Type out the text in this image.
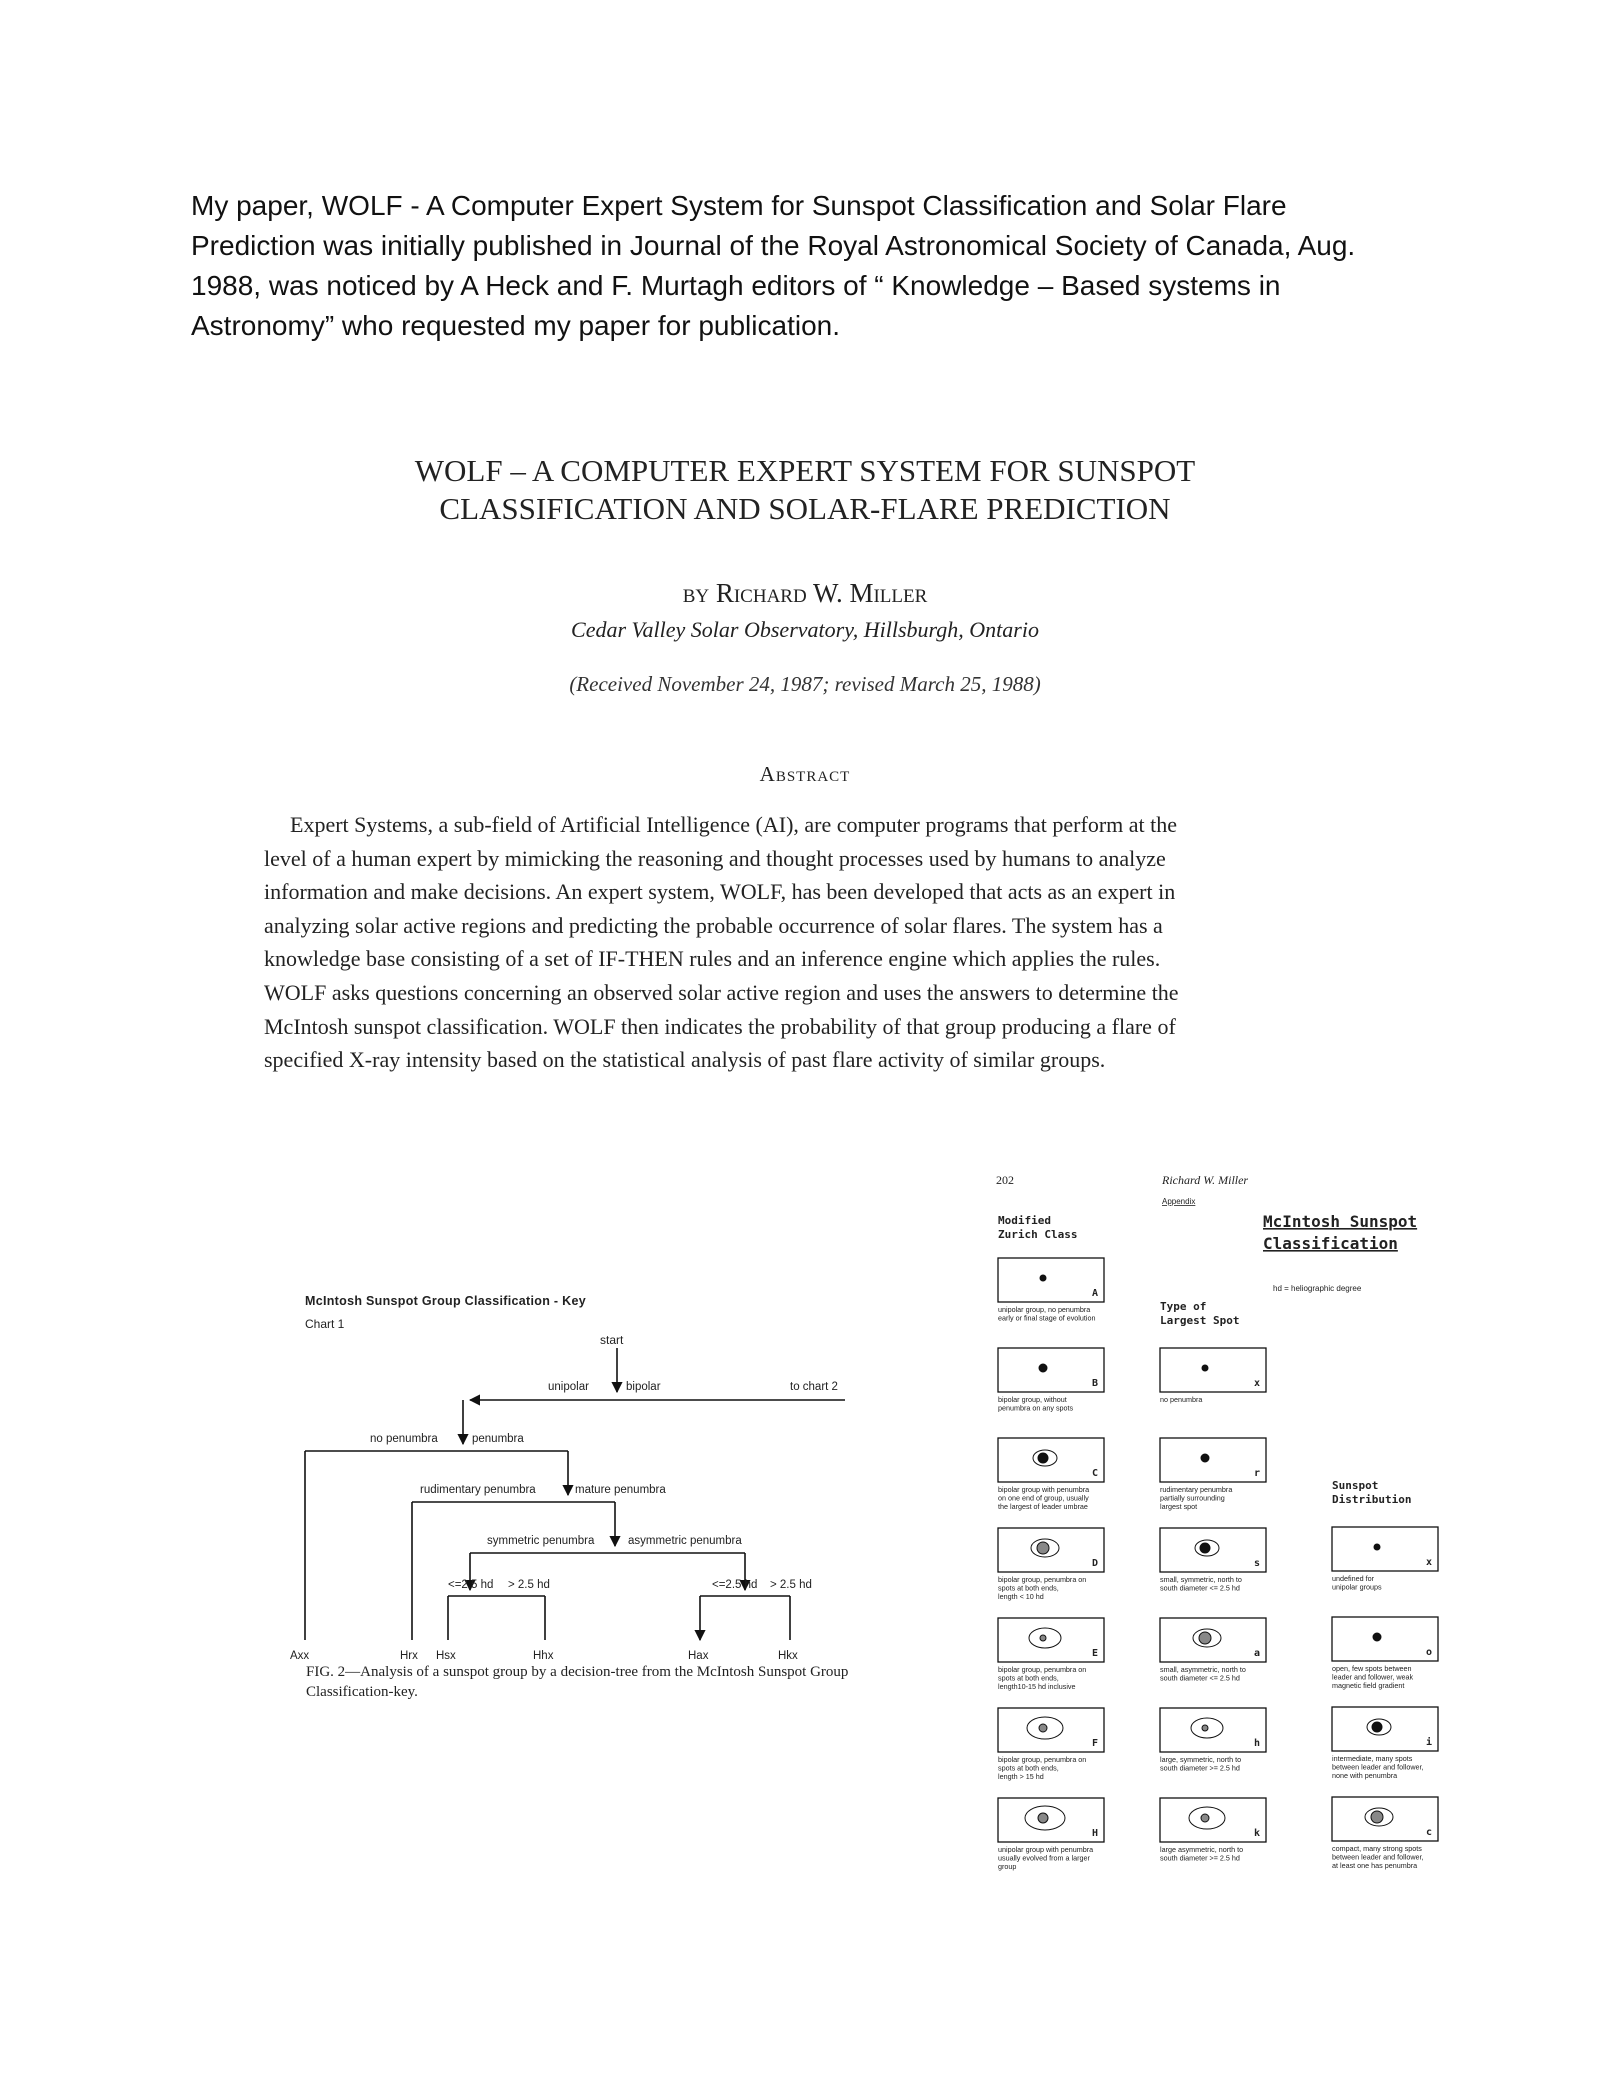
My paper, WOLF - A Computer Expert System for Sunspot Classification and Solar Flare
Prediction was initially published in Journal of the Royal Astronomical Society of Canada, Aug.
1988, was noticed by A Heck and F. Murtagh editors of “ Knowledge – Based systems in
Astronomy” who requested my paper for publication.
WOLF – A COMPUTER EXPERT SYSTEM FOR SUNSPOT
CLASSIFICATION AND SOLAR-FLARE PREDICTION
by Richard W. Miller
Cedar Valley Solar Observatory, Hillsburgh, Ontario
(Received November 24, 1987; revised March 25, 1988)
Abstract
Expert Systems, a sub-field of Artificial Intelligence (AI), are computer programs that perform at the
level of a human expert by mimicking the reasoning and thought processes used by humans to analyze
information and make decisions. An expert system, WOLF, has been developed that acts as an expert in
analyzing solar active regions and predicting the probable occurrence of solar flares. The system has a
knowledge base consisting of a set of IF-THEN rules and an inference engine which applies the rules.
WOLF asks questions concerning an observed solar active region and uses the answers to determine the
McIntosh sunspot classification. WOLF then indicates the probability of that group producing a flare of
specified X-ray intensity based on the statistical analysis of past flare activity of similar groups.
McIntosh Sunspot Group Classification - Key
Chart 1
start
unipolar	bipolar	to chart 2
no penumbra	penumbra
rudimentary penumbra	mature penumbra
symmetric penumbra	asymmetric penumbra
<=2.5 hd > 2.5 hd	<=2.5 hd > 2.5 hd
Axx	Hrx Hsx	Hhx	Hax	Hkx
FIG. 2—Analysis of a sunspot group by a decision-tree from the McIntosh Sunspot Group Classification-key.
202	Richard W. Miller
Appendix
McIntosh Sunspot
Classification
hd = heliographic degree
Modified
Zurich Class
Type of
Largest Spot
Sunspot
Distribution
A
unipolar group, no penumbra
early or final stage of evolution
B
bipolar group, without
penumbra on any spots
C
bipolar group with penumbra
on one end of group, usually
the largest of leader umbrae
D
bipolar group, penumbra on
spots at both ends,
length < 10 hd
E
bipolar group, penumbra on
spots at both ends,
length10-15 hd inclusive
F
bipolar group, penumbra on
spots at both ends,
length > 15 hd
H
unipolar group with penumbra
usually evolved from a larger
group
x
no penumbra
r
rudimentary penumbra
partially surrounding
largest spot
s
small, symmetric, north to
south diameter <= 2.5 hd
a
small, asymmetric, north to
south diameter <= 2.5 hd
h
large, symmetric, north to
south diameter >= 2.5 hd
k
large asymmetric, north to
south diameter >= 2.5 hd
x
undefined for
unipolar groups
o
open, few spots between
leader and follower, weak
magnetic field gradient
i
intermediate, many spots
between leader and follower,
none with penumbra
c
compact, many strong spots
between leader and follower,
at least one has penumbra
